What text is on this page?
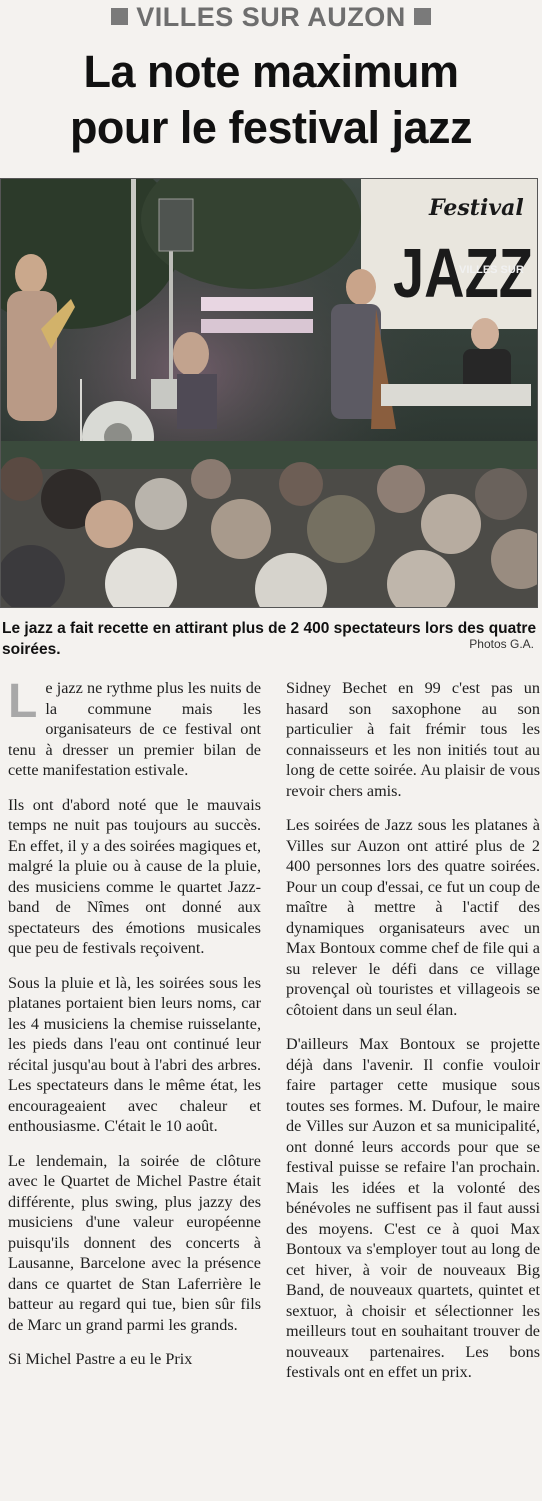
VILLES SUR AUZON
La note maximum
pour le festival jazz
Festival
JAZZ
VILLES SUR
Le jazz a fait recette en attirant plus de 2 400 spectateurs lors des quatre soirées.	Photos G.A.

Le jazz ne rythme plus les nuits de la commune mais les organisateurs de ce festival ont tenu à dresser un premier bilan de cette manifestation estivale.

Ils ont d'abord noté que le mauvais temps ne nuit pas toujours au succès. En effet, il y a des soirées magiques et, malgré la pluie ou à cause de la pluie, des musiciens comme le quartet Jazz-band de Nîmes ont donné aux spectateurs des émotions musicales que peu de festivals reçoivent.

Sous la pluie et là, les soirées sous les platanes portaient bien leurs noms, car les 4 musiciens la chemise ruisselante, les pieds dans l'eau ont continué leur récital jusqu'au bout à l'abri des arbres. Les spectateurs dans le même état, les encourageaient avec chaleur et enthousiasme. C'était le 10 août.

Le lendemain, la soirée de clôture avec le Quartet de Michel Pastre était différente, plus swing, plus jazzy des musiciens d'une valeur européenne puisqu'ils donnent des concerts à Lausanne, Barcelone avec la présence dans ce quartet de Stan Laferrière le batteur au regard qui tue, bien sûr fils de Marc un grand parmi les grands.

Si Michel Pastre a eu le Prix

Sidney Bechet en 99 c'est pas un hasard son saxophone au son particulier à fait frémir tous les connaisseurs et les non initiés tout au long de cette soirée. Au plaisir de vous revoir chers amis.

Les soirées de Jazz sous les platanes à Villes sur Auzon ont attiré plus de 2 400 personnes lors des quatre soirées. Pour un coup d'essai, ce fut un coup de maître à mettre à l'actif des dynamiques organisateurs avec un Max Bontoux comme chef de file qui a su relever le défi dans ce village provençal où touristes et villageois se côtoient dans un seul élan.

D'ailleurs Max Bontoux se projette déjà dans l'avenir. Il confie vouloir faire partager cette musique sous toutes ses formes. M. Dufour, le maire de Villes sur Auzon et sa municipalité, ont donné leurs accords pour que se festival puisse se refaire l'an prochain. Mais les idées et la volonté des bénévoles ne suffisent pas il faut aussi des moyens. C'est ce à quoi Max Bontoux va s'employer tout au long de cet hiver, à voir de nouveaux Big Band, de nouveaux quartets, quintet et sextuor, à choisir et sélectionner les meilleurs tout en souhaitant trouver de nouveaux partenaires. Les bons festivals ont en effet un prix.
